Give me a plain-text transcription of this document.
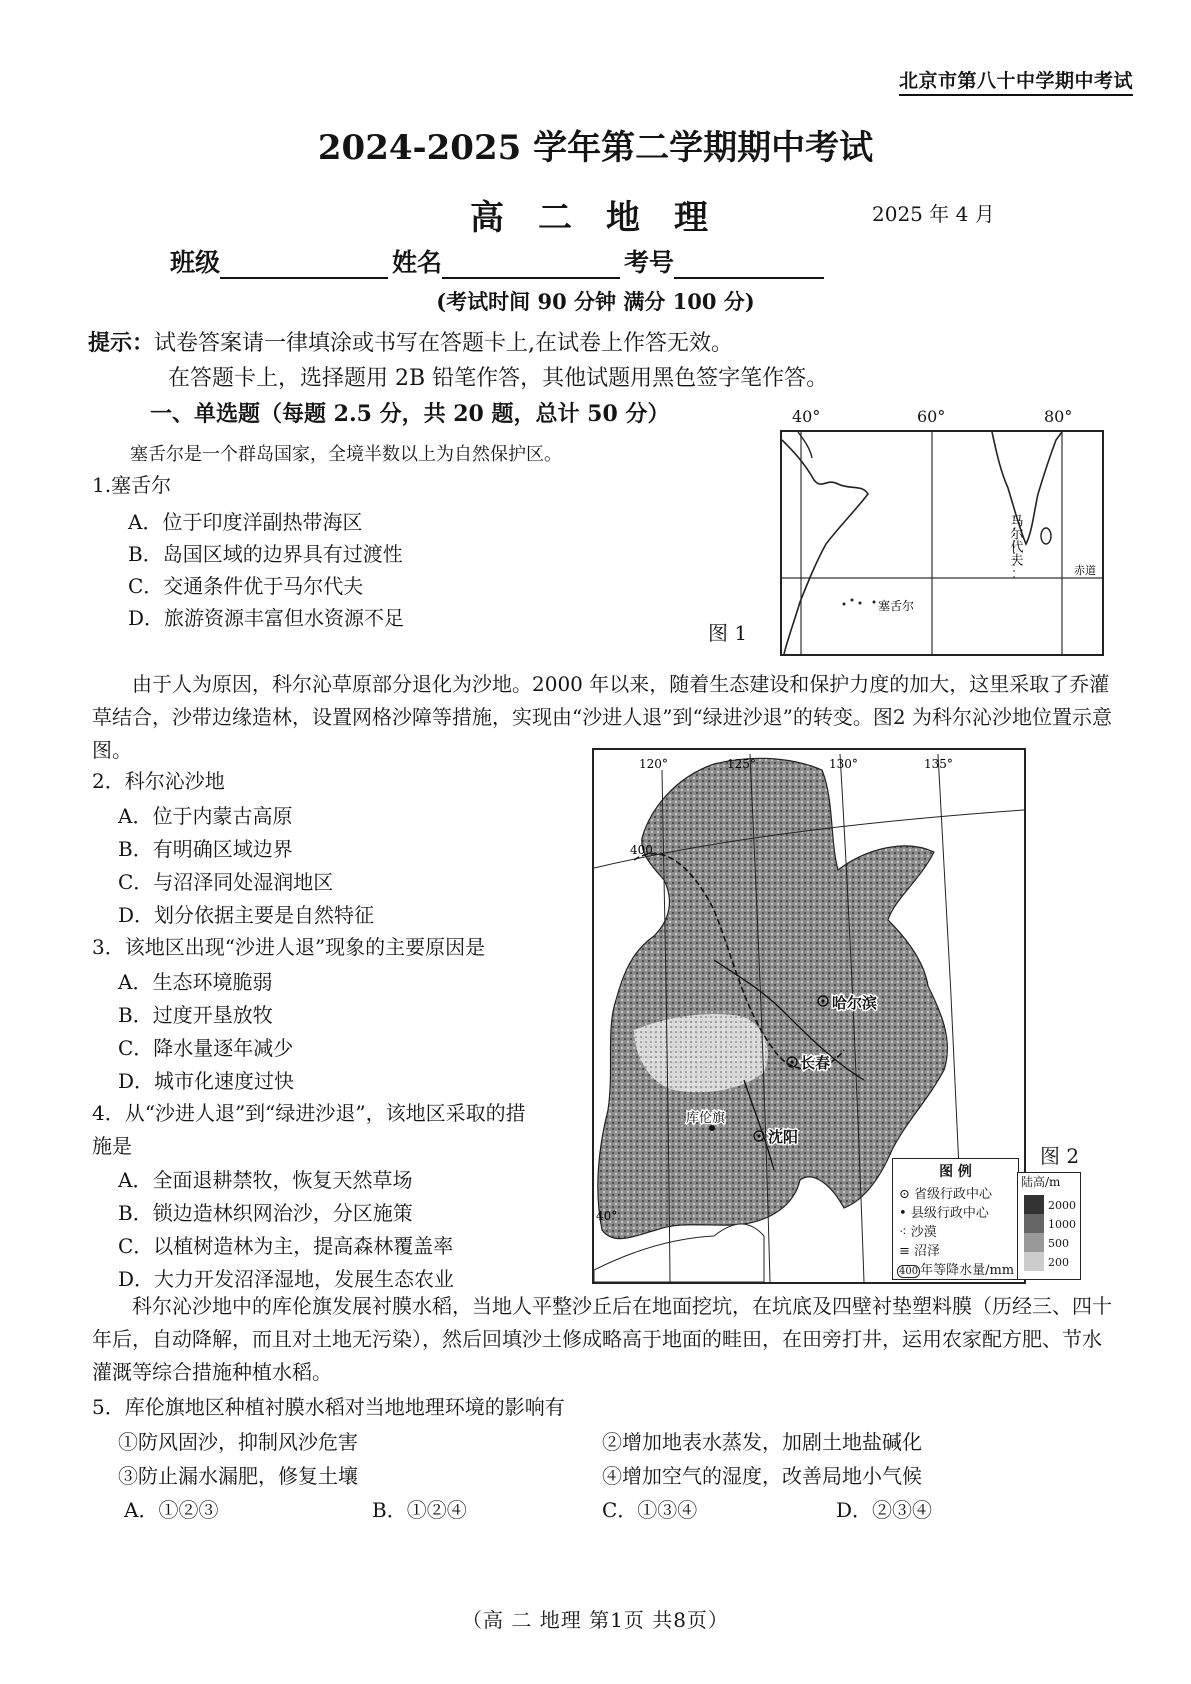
北京市第八十中学期中考试
2024-2025 学年第二学期期中考试
高二地理	2025 年 4 月
班级	姓名	考号
(考试时间 90 分钟 满分 100 分)
提示：试卷答案请一律填涂或书写在答题卡上,在试卷上作答无效。
在答题卡上，选择题用 2B 铅笔作答，其他试题用黑色签字笔作答。
一、单选题（每题 2.5 分，共 20 题，总计 50 分）
塞舌尔是一个群岛国家，全境半数以上为自然保护区。
1.塞舌尔
A．位于印度洋副热带海区
B．岛国区域的边界具有过渡性
C．交通条件优于马尔代夫
D．旅游资源丰富但水资源不足
40°	60°	80°
马尔代夫
塞舌尔
赤道
图 1
由于人为原因，科尔沁草原部分退化为沙地。2000 年以来，随着生态建设和保护力度的加大，这里采取了乔灌草结合，沙带边缘造林，设置网格沙障等措施，实现由“沙进人退”到“绿进沙退”的转变。图2 为科尔沁沙地位置示意图。
2．科尔沁沙地
A．位于内蒙古高原
B．有明确区域边界
C．与沼泽同处湿润地区
D．划分依据主要是自然特征
3．该地区出现“沙进人退”现象的主要原因是
A．生态环境脆弱
B．过度开垦放牧
C．降水量逐年减少
D．城市化速度过快
4．从“沙进人退”到“绿进沙退”，该地区采取的措
施是
A．全面退耕禁牧，恢复天然草场
B．锁边造林织网治沙，分区施策
C．以植树造林为主，提高森林覆盖率
D．大力开发沼泽湿地，发展生态农业
120°	125°	130°	135°
40°
400
哈尔滨
长春
沈阳
库伦旗
图 例
⊙ 省级行政中心
• 县级行政中心
⁖ 沙漠
≡ 沼泽
400 年等降水量/mm
陆高/m
2000
1000
500
200
图 2
科尔沁沙地中的库伦旗发展衬膜水稻，当地人平整沙丘后在地面挖坑，在坑底及四壁衬垫塑料膜（历经三、四十年后，自动降解，而且对土地无污染），然后回填沙土修成略高于地面的畦田，在田旁打井，运用农家配方肥、节水灌溉等综合措施种植水稻。
5．库伦旗地区种植衬膜水稻对当地地理环境的影响有
①防风固沙，抑制风沙危害	②增加地表水蒸发，加剧土地盐碱化
③防止漏水漏肥，修复土壤	④增加空气的湿度，改善局地小气候
A．①②③	B．①②④	C．①③④	D．②③④
（高 二 地理 第1页 共8页）
